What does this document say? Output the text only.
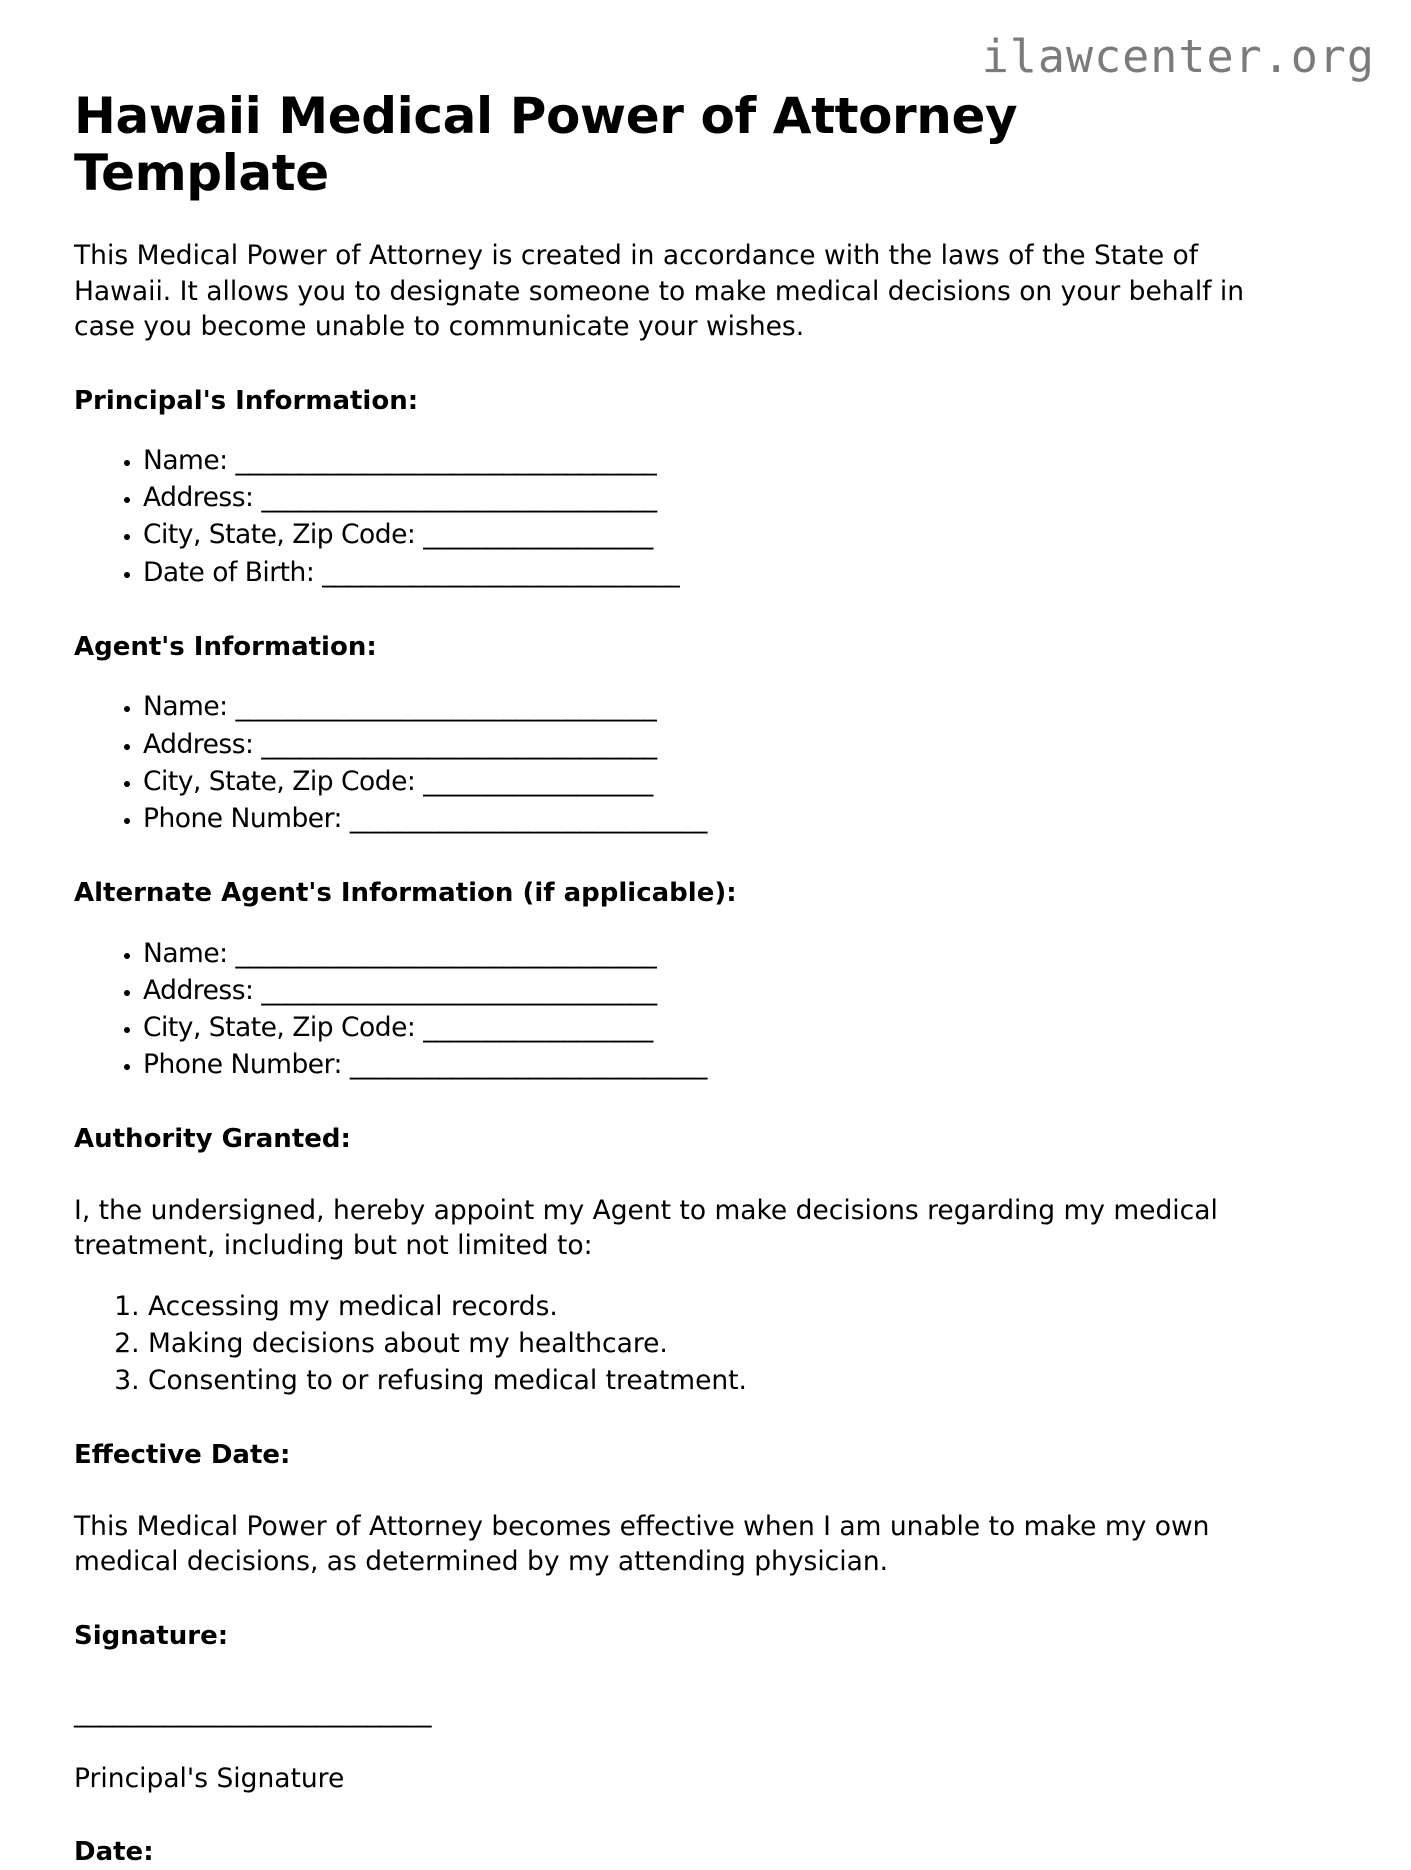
ilawcenter.org
Hawaii Medical Power of Attorney Template

This Medical Power of Attorney is created in accordance with the laws of the State of Hawaii. It allows you to designate someone to make medical decisions on your behalf in case you become unable to communicate your wishes.

Principal's Information:
• Name: _________________________________
• Address: _______________________________
• City, State, Zip Code: __________________
• Date of Birth: ____________________________
Agent's Information:
• Name: _________________________________
• Address: _______________________________
• City, State, Zip Code: __________________
• Phone Number: ____________________________
Alternate Agent's Information (if applicable):
• Name: _________________________________
• Address: _______________________________
• City, State, Zip Code: __________________
• Phone Number: ____________________________
Authority Granted:

I, the undersigned, hereby appoint my Agent to make decisions regarding my medical treatment, including but not limited to:

1. Accessing my medical records.
2. Making decisions about my healthcare.
3. Consenting to or refusing medical treatment.
Effective Date:

This Medical Power of Attorney becomes effective when I am unable to make my own medical decisions, as determined by my attending physician.

Signature:

____________________________

Principal's Signature

Date:
